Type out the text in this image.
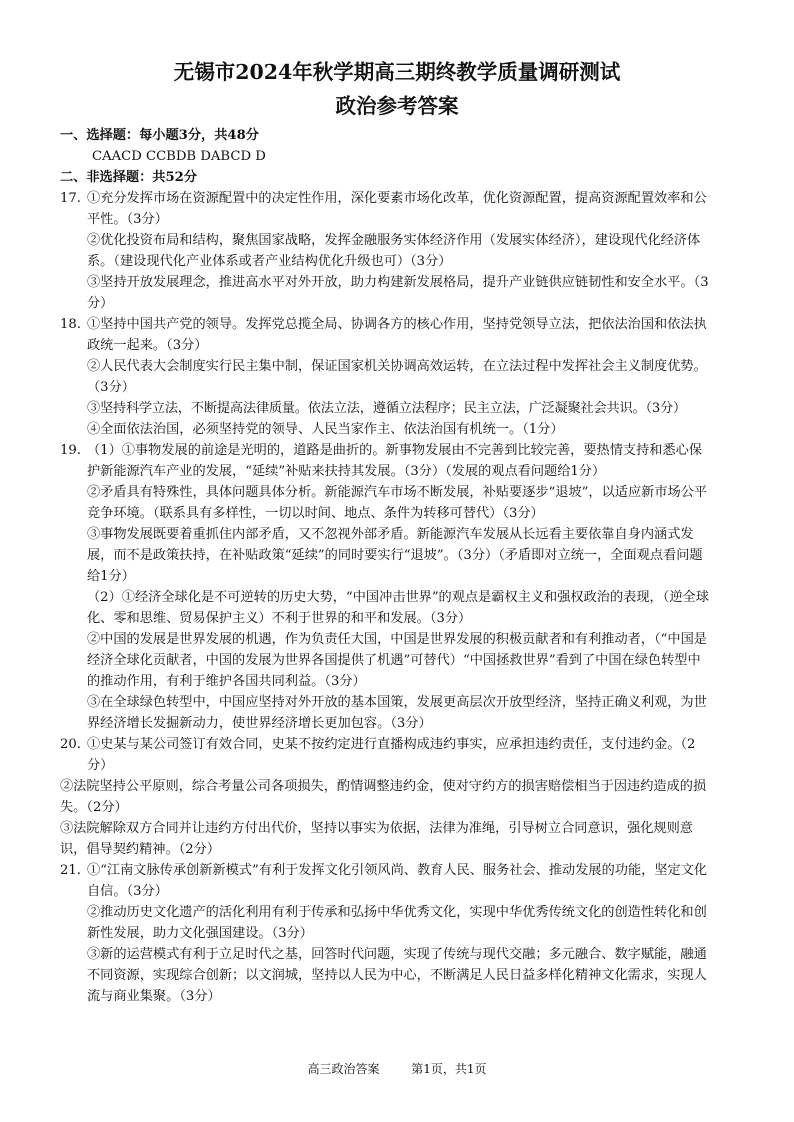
无锡市2024年秋学期高三期终教学质量调研测试
政治参考答案
一、选择题：每小题3分，共48分
CAACD CCBDB DABCD D
二、非选择题：共52分
17. ①充分发挥市场在资源配置中的决定性作用，深化要素市场化改革，优化资源配置，提高资源配置效率和公平性。（3分）

②优化投资布局和结构，聚焦国家战略，发挥金融服务实体经济作用（发展实体经济），建设现代化经济体系。（建设现代化产业体系或者产业结构优化升级也可）（3分）

③坚持开放发展理念，推进高水平对外开放，助力构建新发展格局，提升产业链供应链韧性和安全水平。（3分）

18. ①坚持中国共产党的领导。发挥党总揽全局、协调各方的核心作用，坚持党领导立法，把依法治国和依法执政统一起来。（3分）

②人民代表大会制度实行民主集中制，保证国家机关协调高效运转，在立法过程中发挥社会主义制度优势。（3分）

③坚持科学立法，不断提高法律质量。依法立法，遵循立法程序；民主立法，广泛凝聚社会共识。（3分）

④全面依法治国，必须坚持党的领导、人民当家作主、依法治国有机统一。（1分）

19. （1）①事物发展的前途是光明的，道路是曲折的。新事物发展由不完善到比较完善，要热情支持和悉心保护新能源汽车产业的发展，“延续”补贴来扶持其发展。（3分）（发展的观点看问题给1分）

②矛盾具有特殊性，具体问题具体分析。新能源汽车市场不断发展，补贴要逐步“退坡”，以适应新市场公平竞争环境。（联系具有多样性，一切以时间、地点、条件为转移可替代）（3分）

③事物发展既要着重抓住内部矛盾，又不忽视外部矛盾。新能源汽车发展从长远看主要依靠自身内涵式发展，而不是政策扶持，在补贴政策“延续”的同时要实行“退坡”。（3分）（矛盾即对立统一，全面观点看问题给1分）

（2）①经济全球化是不可逆转的历史大势，“中国冲击世界”的观点是霸权主义和强权政治的表现，（逆全球化、零和思维、贸易保护主义）不利于世界的和平和发展。（3分）

②中国的发展是世界发展的机遇，作为负责任大国，中国是世界发展的积极贡献者和有利推动者，（“中国是经济全球化贡献者，中国的发展为世界各国提供了机遇”可替代）“中国拯救世界”看到了中国在绿色转型中的推动作用，有利于维护各国共同利益。（3分）

③在全球绿色转型中，中国应坚持对外开放的基本国策，发展更高层次开放型经济，坚持正确义利观，为世界经济增长发掘新动力，使世界经济增长更加包容。（3分）

20. ①史某与某公司签订有效合同，史某不按约定进行直播构成违约事实，应承担违约责任，支付违约金。（2分）

②法院坚持公平原则，综合考量公司各项损失，酌情调整违约金，使对守约方的损害赔偿相当于因违约造成的损失。（2分）

③法院解除双方合同并让违约方付出代价，坚持以事实为依据，法律为准绳，引导树立合同意识，强化规则意识，倡导契约精神。（2分）

21. ①“江南文脉传承创新新模式”有利于发挥文化引领风尚、教育人民、服务社会、推动发展的功能，坚定文化自信。（3分）

②推动历史文化遗产的活化利用有利于传承和弘扬中华优秀文化，实现中华优秀传统文化的创造性转化和创新性发展，助力文化强国建设。（3分）

③新的运营模式有利于立足时代之基，回答时代问题，实现了传统与现代交融；多元融合、数字赋能，融通不同资源，实现综合创新；以文润城，坚持以人民为中心，不断满足人民日益多样化精神文化需求，实现人流与商业集聚。（3分）

高三政治答案	第1页，共1页
